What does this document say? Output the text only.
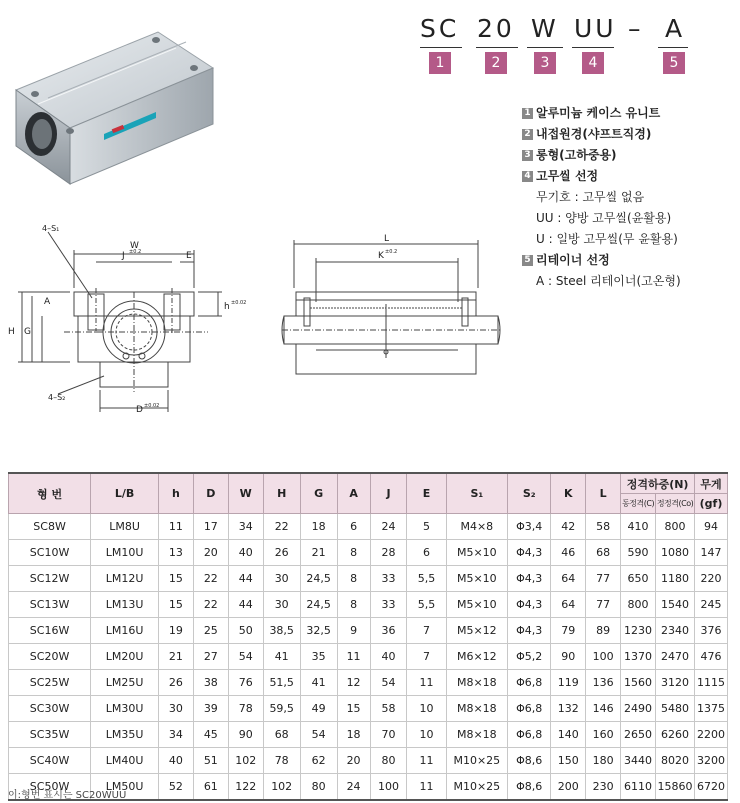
SC 20 W UU – A
1	2	3	4	5
W
J ±0.2	E
4–S₁
H G
A	h ±0.02
4–S₂
D ±0.02
L
K ±0.2
1 알루미늄 케이스 유니트
2 내접원경(샤프트직경)
3 롱형(고하중용)
4 고무씰 선정
무기호 : 고무씰 없음
UU : 양방 고무씰(윤활용)
U : 일방 고무씰(무 윤활용)
5 리테이너 선정
A : Steel 리테이너(고온형)
형 번	L/B	h	D	W	H	G	A	J	E	S₁	S₂	K	L	정격하중(N)		무게
														동정격(C)	정정격(Co)	(gf)
SC8W	LM8U	11	17	34	22	18	6	24	5	M4×8	Φ3,4	42	58	410	800	94
SC10W	LM10U	13	20	40	26	21	8	28	6	M5×10	Φ4,3	46	68	590	1080	147
SC12W	LM12U	15	22	44	30	24,5	8	33	5,5	M5×10	Φ4,3	64	77	650	1180	220
SC13W	LM13U	15	22	44	30	24,5	8	33	5,5	M5×10	Φ4,3	64	77	800	1540	245
SC16W	LM16U	19	25	50	38,5	32,5	9	36	7	M5×12	Φ4,3	79	89	1230	2340	376
SC20W	LM20U	21	27	54	41	35	11	40	7	M6×12	Φ5,2	90	100	1370	2470	476
SC25W	LM25U	26	38	76	51,5	41	12	54	11	M8×18	Φ6,8	119	136	1560	3120	1115
SC30W	LM30U	30	39	78	59,5	49	15	58	10	M8×18	Φ6,8	132	146	2490	5480	1375
SC35W	LM35U	34	45	90	68	54	18	70	10	M8×18	Φ6,8	140	160	2650	6260	2200
SC40W	LM40U	40	51	102	78	62	20	80	11	M10×25	Φ8,6	150	180	3440	8020	3200
SC50W	LM50U	52	61	122	102	80	24	100	11	M10×25	Φ8,6	200	230	6110	15860	6720
이:형번 표시는 SC20WUU
